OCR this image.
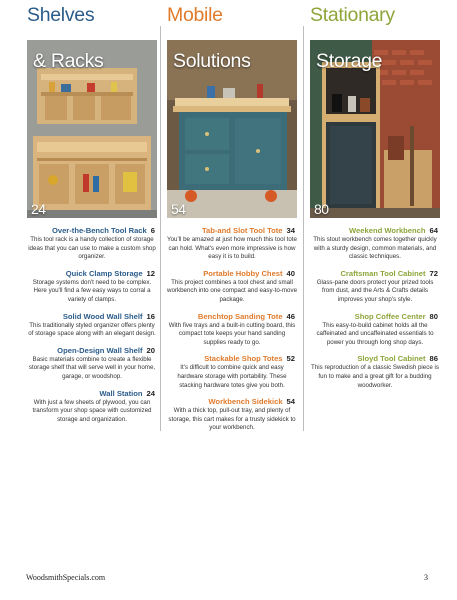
Shelves
& Racks
24
Over-the-Bench Tool Rack 6
This tool rack is a handy collection of storage ideas that you can use to make a custom shop organizer.
Quick Clamp Storage 12
Storage systems don't need to be complex. Here you'll find a few easy ways to corral a variety of clamps.
Solid Wood Wall Shelf 16
This traditionally styled organizer offers plenty of storage space along with an elegant design.
Open-Design Wall Shelf 20
Basic materials combine to create a flexible storage shelf that will serve well in your home, garage, or woodshop.
Wall Station 24
With just a few sheets of plywood, you can transform your shop space with customized storage and organization.
Mobile
Solutions
54
Tab-and Slot Tool Tote 34
You'll be amazed at just how much this tool tote can hold. What's even more impressive is how easy it is to build.
Portable Hobby Chest 40
This project combines a tool chest and small workbench into one compact and easy-to-move package.
Benchtop Sanding Tote 46
With five trays and a built-in cutting board, this compact tote keeps your hand sanding supplies ready to go.
Stackable Shop Totes 52
It's difficult to combine quick and easy hardware storage with portability. These stacking hardware totes give you both.
Workbench Sidekick 54
With a thick top, pull-out tray, and plenty of storage, this cart makes for a trusty sidekick to your workbench.
Stationary
Storage
80
Weekend Workbench 64
This stout workbench comes together quickly with a sturdy design, common materials, and classic techniques.
Craftsman Tool Cabinet 72
Glass-pane doors protect your prized tools from dust, and the Arts & Crafts details improves your shop's style.
Shop Coffee Center 80
This easy-to-build cabinet holds all the caffeinated and uncaffeinated essentials to power you through long shop days.
Sloyd Tool Cabinet 86
This reproduction of a classic Swedish piece is fun to make and a great gift for a budding woodworker.
WoodsmithSpecials.com	3
